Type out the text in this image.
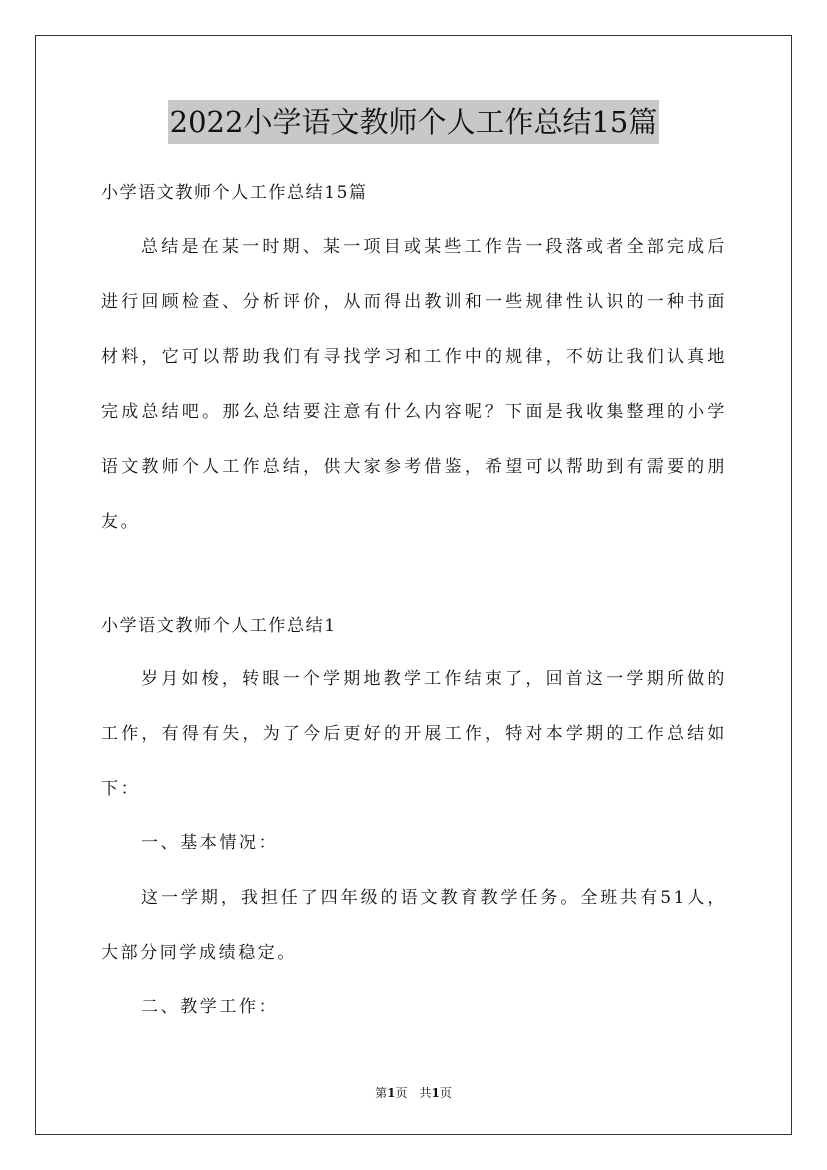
2022小学语文教师个人工作总结15篇

小学语文教师个人工作总结15篇

总结是在某一时期、某一项目或某些工作告一段落或者全部完成后进行回顾检查、分析评价，从而得出教训和一些规律性认识的一种书面材料，它可以帮助我们有寻找学习和工作中的规律，不妨让我们认真地完成总结吧。那么总结要注意有什么内容呢？下面是我收集整理的小学语文教师个人工作总结，供大家参考借鉴，希望可以帮助到有需要的朋友。

小学语文教师个人工作总结1

岁月如梭，转眼一个学期地教学工作结束了，回首这一学期所做的工作，有得有失，为了今后更好的开展工作，特对本学期的工作总结如下：

一、基本情况：

这一学期，我担任了四年级的语文教育教学任务。全班共有51人，大部分同学成绩稳定。

二、教学工作：

第1页　共1页
